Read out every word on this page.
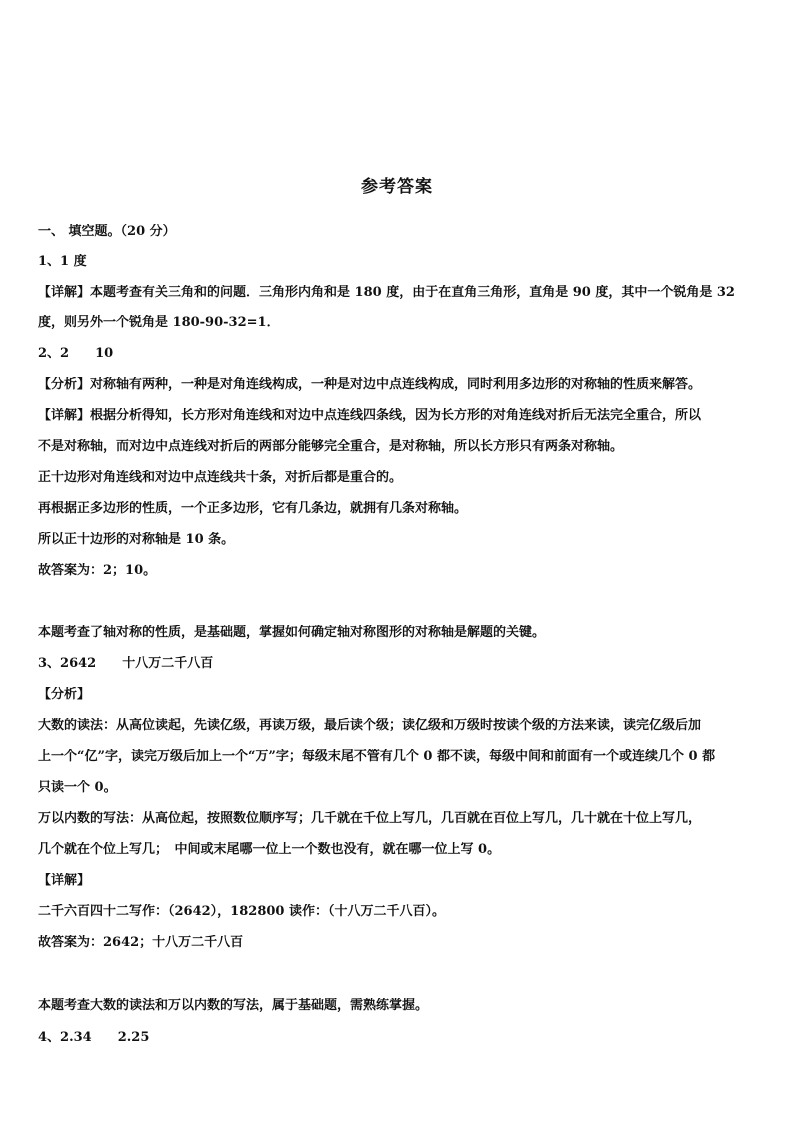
参考答案
一、 填空题。（20 分）
1、1 度
【详解】本题考查有关三角和的问题．三角形内角和是 180 度，由于在直角三角形，直角是 90 度，其中一个锐角是 32
度，则另外一个锐角是 180-90-32=1．
2、2　　10
【分析】对称轴有两种，一种是对角连线构成，一种是对边中点连线构成，同时利用多边形的对称轴的性质来解答。
【详解】根据分析得知，长方形对角连线和对边中点连线四条线，因为长方形的对角连线对折后无法完全重合，所以
不是对称轴，而对边中点连线对折后的两部分能够完全重合，是对称轴，所以长方形只有两条对称轴。
正十边形对角连线和对边中点连线共十条，对折后都是重合的。
再根据正多边形的性质，一个正多边形，它有几条边，就拥有几条对称轴。
所以正十边形的对称轴是 10 条。
故答案为：2；10。
本题考查了轴对称的性质，是基础题，掌握如何确定轴对称图形的对称轴是解题的关键。
3、2642　　十八万二千八百
【分析】
大数的读法：从高位读起，先读亿级，再读万级，最后读个级；读亿级和万级时按读个级的方法来读，读完亿级后加
上一个“亿”字，读完万级后加上一个“万”字；每级末尾不管有几个 0 都不读，每级中间和前面有一个或连续几个 0 都
只读一个 0。
万以内数的写法：从高位起，按照数位顺序写；几千就在千位上写几，几百就在百位上写几，几十就在十位上写几，
几个就在个位上写几；　中间或末尾哪一位上一个数也没有，就在哪一位上写 0。
【详解】
二千六百四十二写作：（2642），182800 读作：（十八万二千八百）。
故答案为：2642；十八万二千八百
本题考查大数的读法和万以内数的写法，属于基础题，需熟练掌握。
4、2.34　　2.25
